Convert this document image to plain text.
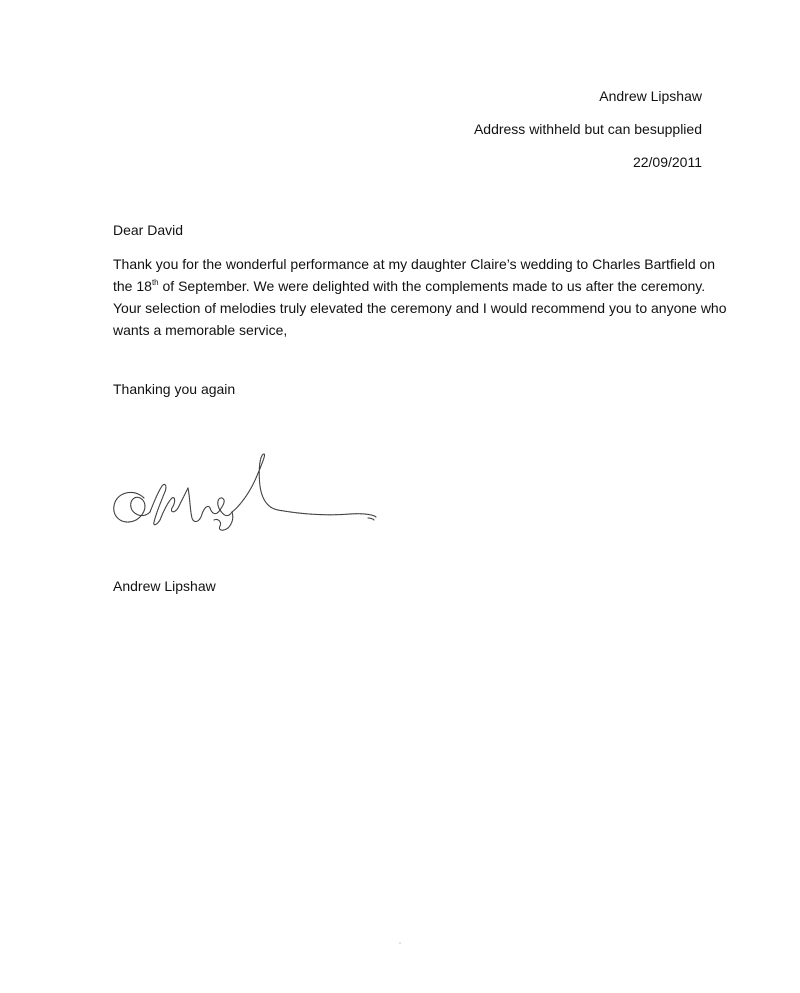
Andrew Lipshaw
Address withheld but can besupplied
22/09/2011

Dear David

Thank you for the wonderful performance at my daughter Claire’s wedding to Charles Bartfield on
the 18th of September. We were delighted with the complements made to us after the ceremony.
Your selection of melodies truly elevated the ceremony and I would recommend you to anyone who
wants a memorable service,

Thanking you again
Andrew Lipshaw
